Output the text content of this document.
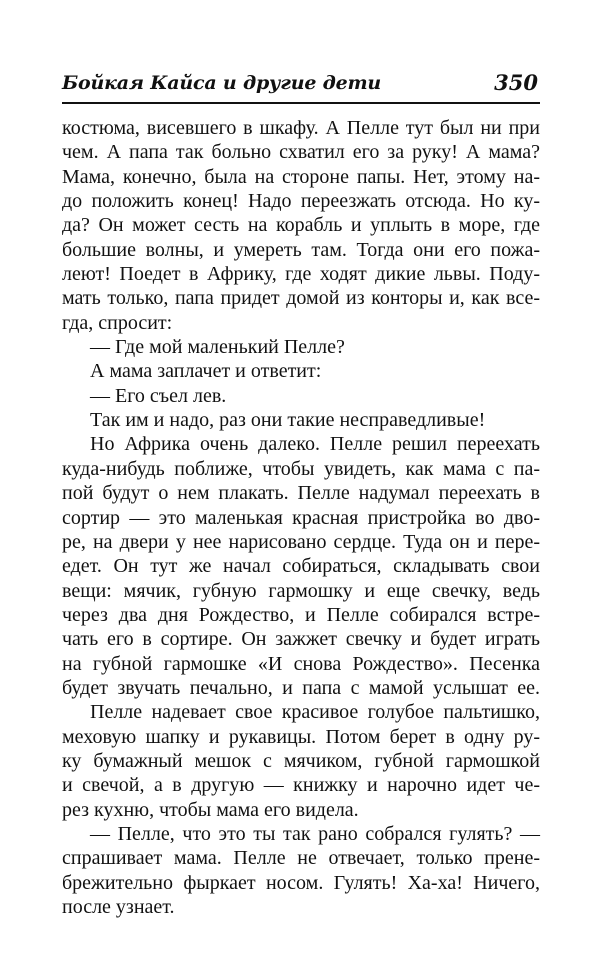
Бойкая Кайса и другие дети	350
костюма, висевшего в шкафу. А Пелле тут был ни при
чем. А папа так больно схватил его за руку! А мама?
Мама, конечно, была на стороне папы. Нет, этому на-
до положить конец! Надо переезжать отсюда. Но ку-
да? Он может сесть на корабль и уплыть в море, где
большие волны, и умереть там. Тогда они его пожа-
леют! Поедет в Африку, где ходят дикие львы. Поду-
мать только, папа придет домой из конторы и, как все-
гда, спросит:
— Где мой маленький Пелле?
А мама заплачет и ответит:
— Его съел лев.
Так им и надо, раз они такие несправедливые!
Но Африка очень далеко. Пелле решил переехать
куда-нибудь поближе, чтобы увидеть, как мама с па-
пой будут о нем плакать. Пелле надумал переехать в
сортир — это маленькая красная пристройка во дво-
ре, на двери у нее нарисовано сердце. Туда он и пере-
едет. Он тут же начал собираться, складывать свои
вещи: мячик, губную гармошку и еще свечку, ведь
через два дня Рождество, и Пелле собирался встре-
чать его в сортире. Он зажжет свечку и будет играть
на губной гармошке «И снова Рождество». Песенка
будет звучать печально, и папа с мамой услышат ее.
Пелле надевает свое красивое голубое пальтишко,
меховую шапку и рукавицы. Потом берет в одну ру-
ку бумажный мешок с мячиком, губной гармошкой
и свечой, а в другую — книжку и нарочно идет че-
рез кухню, чтобы мама его видела.
— Пелле, что это ты так рано собрался гулять? —
спрашивает мама. Пелле не отвечает, только прене-
брежительно фыркает носом. Гулять! Ха-ха! Ничего,
после узнает.
